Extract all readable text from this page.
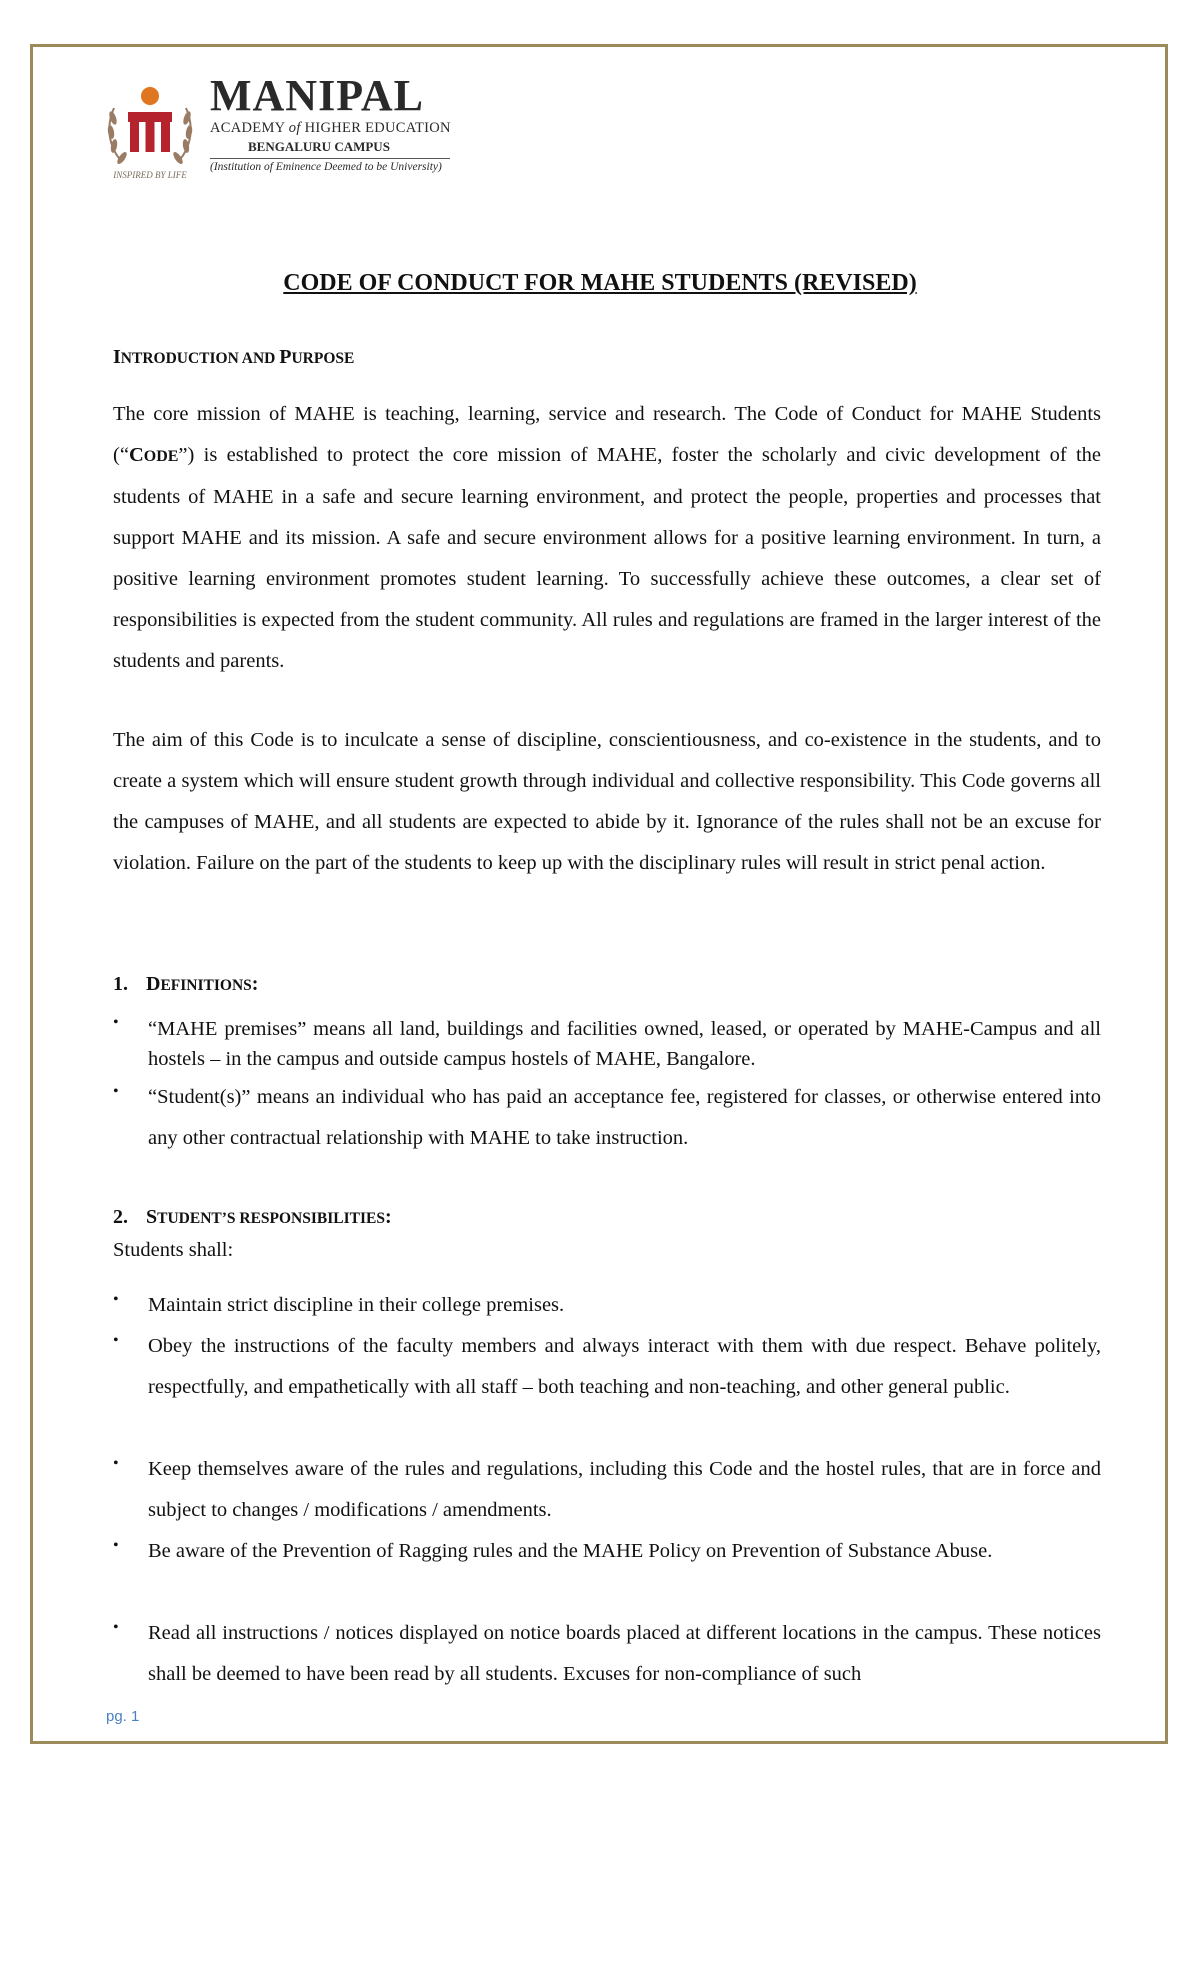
INSPIRED BY LIFE
MANIPAL
ACADEMY of HIGHER EDUCATION
BENGALURU CAMPUS
(Institution of Eminence Deemed to be University)
CODE OF CONDUCT FOR MAHE STUDENTS (REVISED)
INTRODUCTION AND PURPOSE
The core mission of MAHE is teaching, learning, service and research. The Code of Conduct for MAHE Students (“CODE”) is established to protect the core mission of MAHE, foster the scholarly and civic development of the students of MAHE in a safe and secure learning environment, and protect the people, properties and processes that support MAHE and its mission. A safe and secure environment allows for a positive learning environment. In turn, a positive learning environment promotes student learning. To successfully achieve these outcomes, a clear set of responsibilities is expected from the student community. All rules and regulations are framed in the larger interest of the students and parents.
The aim of this Code is to inculcate a sense of discipline, conscientiousness, and co-existence in the students, and to create a system which will ensure student growth through individual and collective responsibility. This Code governs all the campuses of MAHE, and all students are expected to abide by it. Ignorance of the rules shall not be an excuse for violation. Failure on the part of the students to keep up with the disciplinary rules will result in strict penal action.
1. DEFINITIONS:
• “MAHE premises” means all land, buildings and facilities owned, leased, or operated by MAHE-Campus and all hostels – in the campus and outside campus hostels of MAHE, Bangalore.
• “Student(s)” means an individual who has paid an acceptance fee, registered for classes, or otherwise entered into any other contractual relationship with MAHE to take instruction.
2. STUDENT’S RESPONSIBILITIES:
Students shall:
• Maintain strict discipline in their college premises.
• Obey the instructions of the faculty members and always interact with them with due respect. Behave politely, respectfully, and empathetically with all staff – both teaching and non-teaching, and other general public.
• Keep themselves aware of the rules and regulations, including this Code and the hostel rules, that are in force and subject to changes / modifications / amendments.
• Be aware of the Prevention of Ragging rules and the MAHE Policy on Prevention of Substance Abuse.
• Read all instructions / notices displayed on notice boards placed at different locations in the campus. These notices shall be deemed to have been read by all students. Excuses for non-compliance of such
pg. 1
